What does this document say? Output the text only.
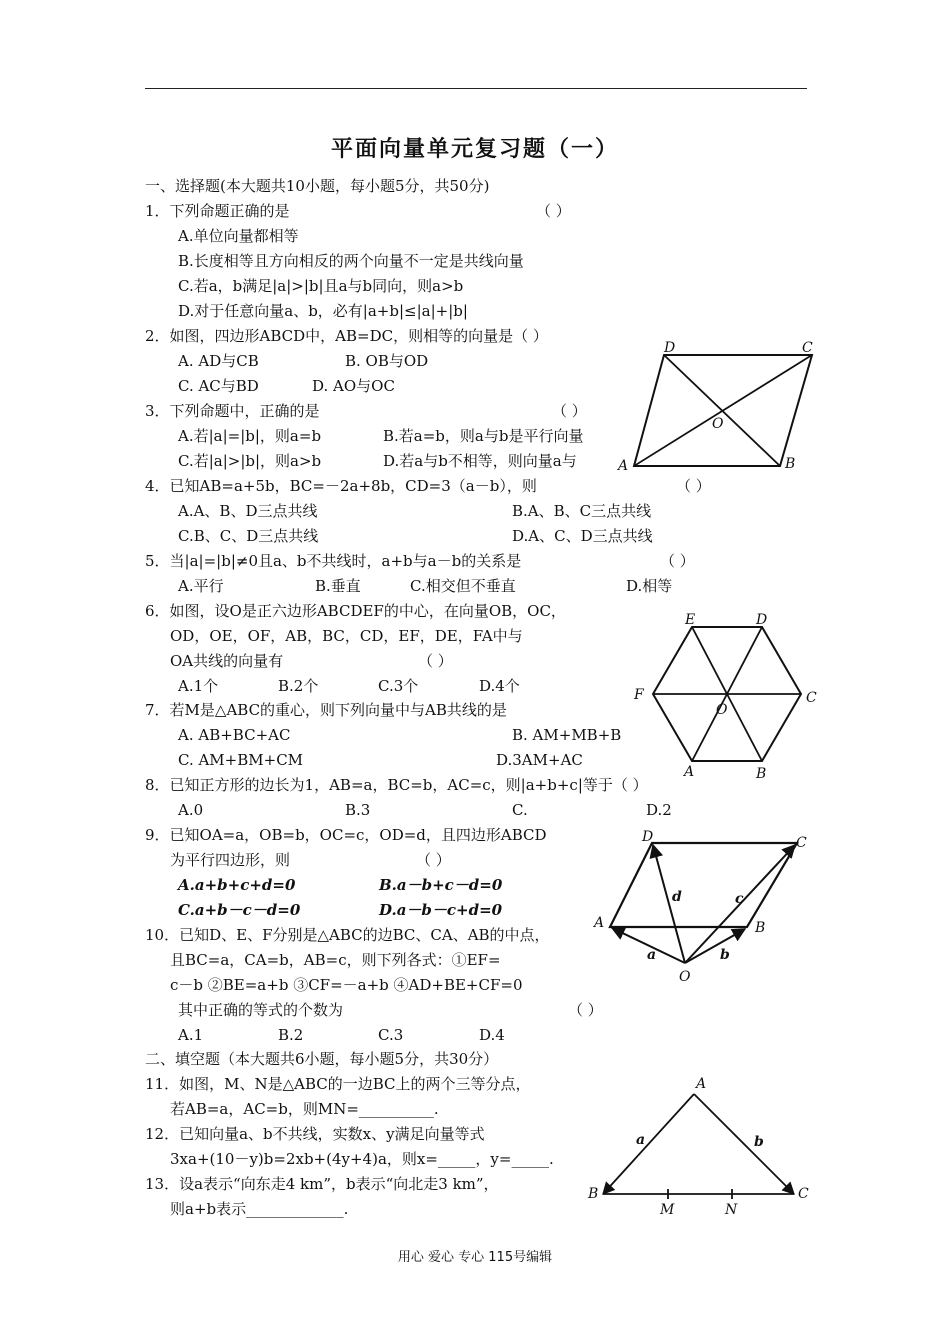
平面向量单元复习题（一）
一、选择题(本大题共10小题，每小题5分，共50分)
1．下列命题正确的是	（ ）
A.单位向量都相等
B.长度相等且方向相反的两个向量不一定是共线向量
C.若a，b满足|a|>|b|且a与b同向，则a>b
D.对于任意向量a、b，必有|a+b|≤|a|+|b|
2．如图，四边形ABCD中，AB=DC，则相等的向量是（ ）
A. AD与CB	B. OB与OD
C. AC与BD	D. AO与OC
3．下列命题中，正确的是	（ ）
A.若|a|=|b|，则a=b	B.若a=b，则a与b是平行向量
C.若|a|>|b|，则a>b	D.若a与b不相等，则向量a与
4．已知AB=a+5b，BC=－2a+8b，CD=3（a－b），则	（ ）
A.A、B、D三点共线	B.A、B、C三点共线
C.B、C、D三点共线	D.A、C、D三点共线
5．当|a|=|b|≠0且a、b不共线时，a+b与a－b的关系是	（ ）
A.平行	B.垂直	C.相交但不垂直	D.相等
6．如图，设O是正六边形ABCDEF的中心，在向量OB，OC，
OD，OE，OF，AB，BC，CD，EF，DE，FA中与
OA共线的向量有	（ ）
A.1个	B.2个	C.3个	D.4个
7．若M是△ABC的重心，则下列向量中与AB共线的是
A. AB+BC+AC	B. AM+MB+B
C. AM+BM+CM	D.3AM+AC
8．已知正方形的边长为1，AB=a，BC=b，AC=c，则|a+b+c|等于（ ）
A.0	B.3	C.	D.2
9．已知OA=a，OB=b，OC=c，OD=d，且四边形ABCD
为平行四边形，则	（ ）
A.a+b+c+d=0	B.a－b+c－d=0
C.a+b－c－d=0	D.a－b－c+d=0
10．已知D、E、F分别是△ABC的边BC、CA、AB的中点，
且BC=a，CA=b，AB=c，则下列各式：①EF=
c－b ②BE=a+b ③CF=－a+b ④AD+BE+CF=0
其中正确的等式的个数为	（ ）
A.1	B.2	C.3	D.4
二、填空题（本大题共6小题，每小题5分，共30分）
11．如图，M、N是△ABC的一边BC上的两个三等分点，
若AB=a，AC=b，则MN=__________.
12．已知向量a、b不共线，实数x、y满足向量等式
3xa+(10－y)b=2xb+(4y+4)a，则x=_____，y=_____.
13．设a表示“向东走4 km”，b表示“向北走3 km”，
则a+b表示_____________.
D	C
O
A	B
E	D
F
O
C
A	B
D	C
A	B
O
d	c
a	b
A
a	b
B
M	N
C
用心 爱心 专心 115号编辑
